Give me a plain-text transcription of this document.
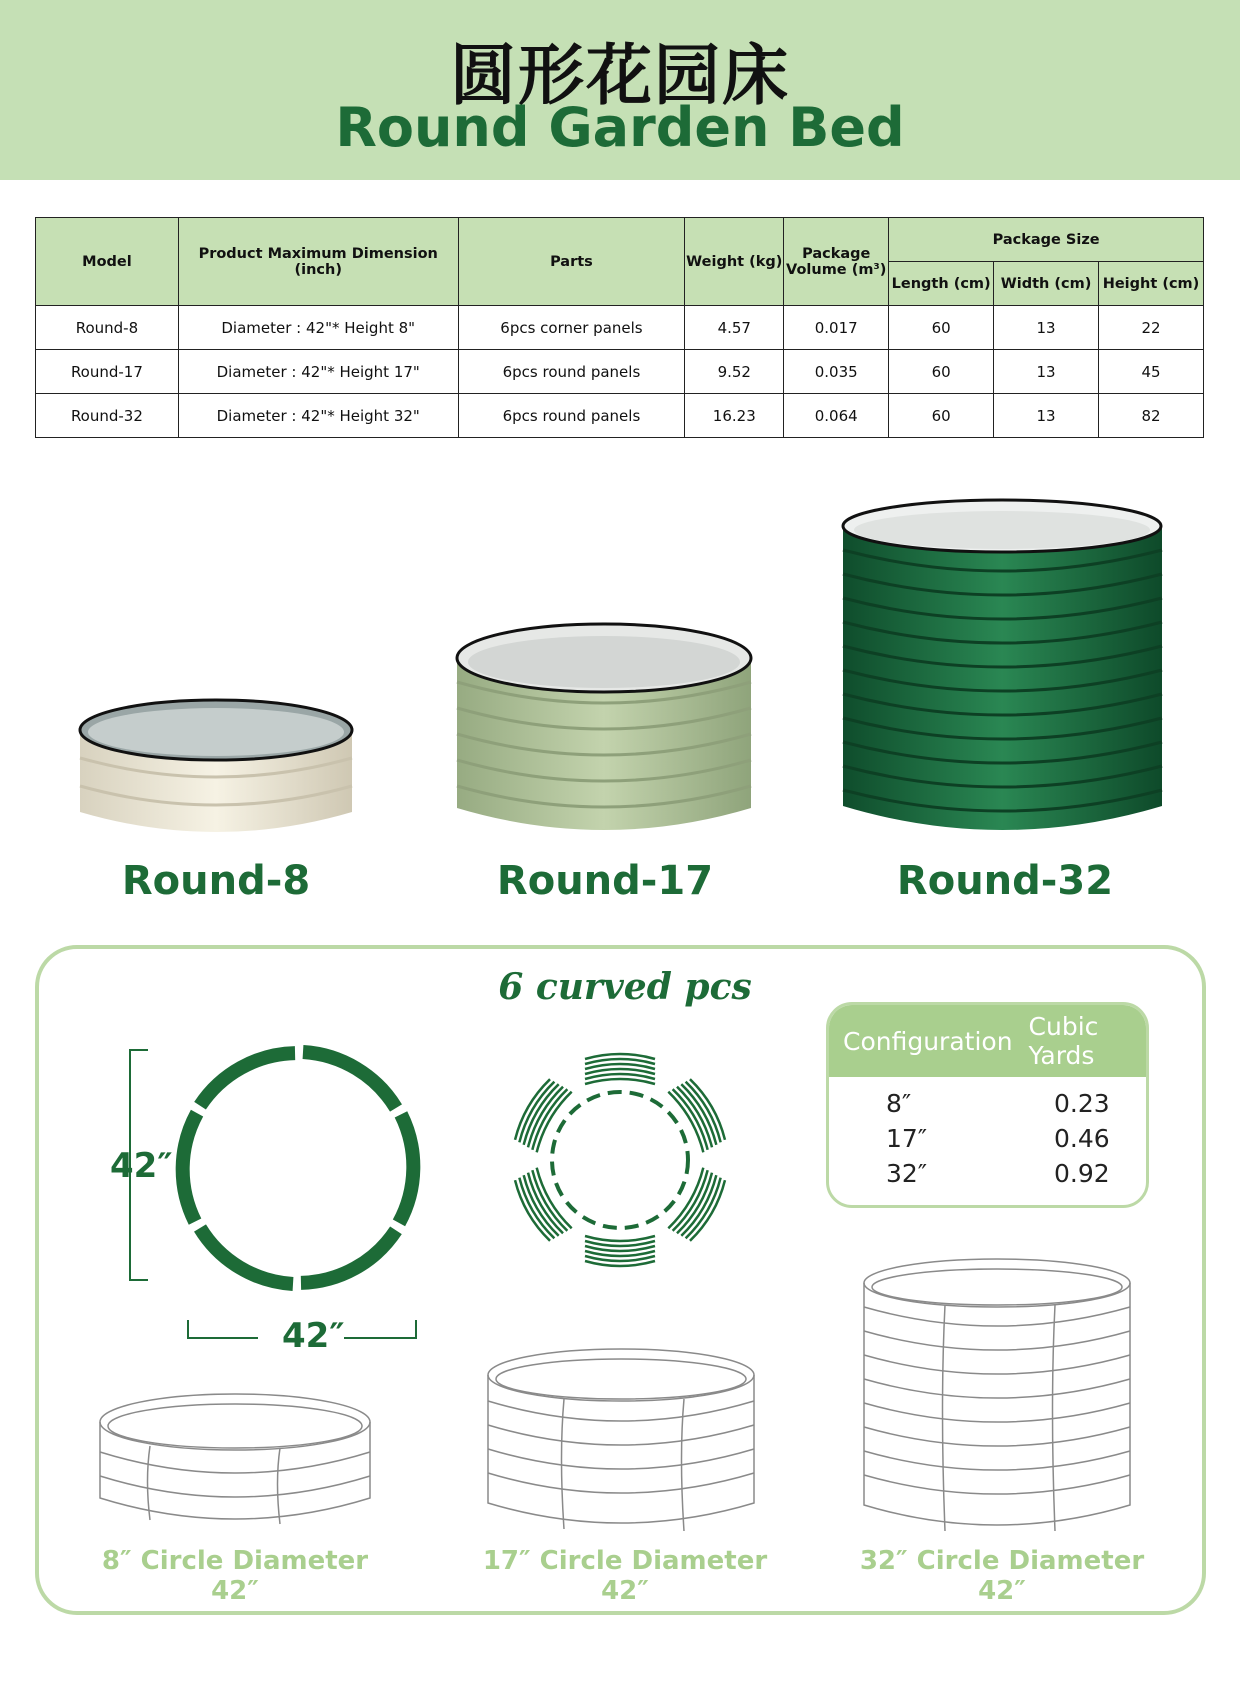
圆形花园床
Round Garden Bed
Model	Product Maximum Dimension (inch)	Parts	Weight (kg)	Package Volume (m³)	Package Size		
					Length (cm)	Width (cm)	Height (cm)
Round-8	Diameter : 42"* Height 8"	6pcs corner panels	4.57	0.017	60	13	22
Round-17	Diameter : 42"* Height 17"	6pcs round panels	9.52	0.035	60	13	45
Round-32	Diameter : 42"* Height 32"	6pcs round panels	16.23	0.064	60	13	82
Round-8	Round-17	Round-32
6 curved pcs
42″
42″
Configuration Cubic Yards
8″	0.23
17″	0.46
32″	0.92
8″ Circle Diameter 42″
17″ Circle Diameter 42″
32″ Circle Diameter 42″
